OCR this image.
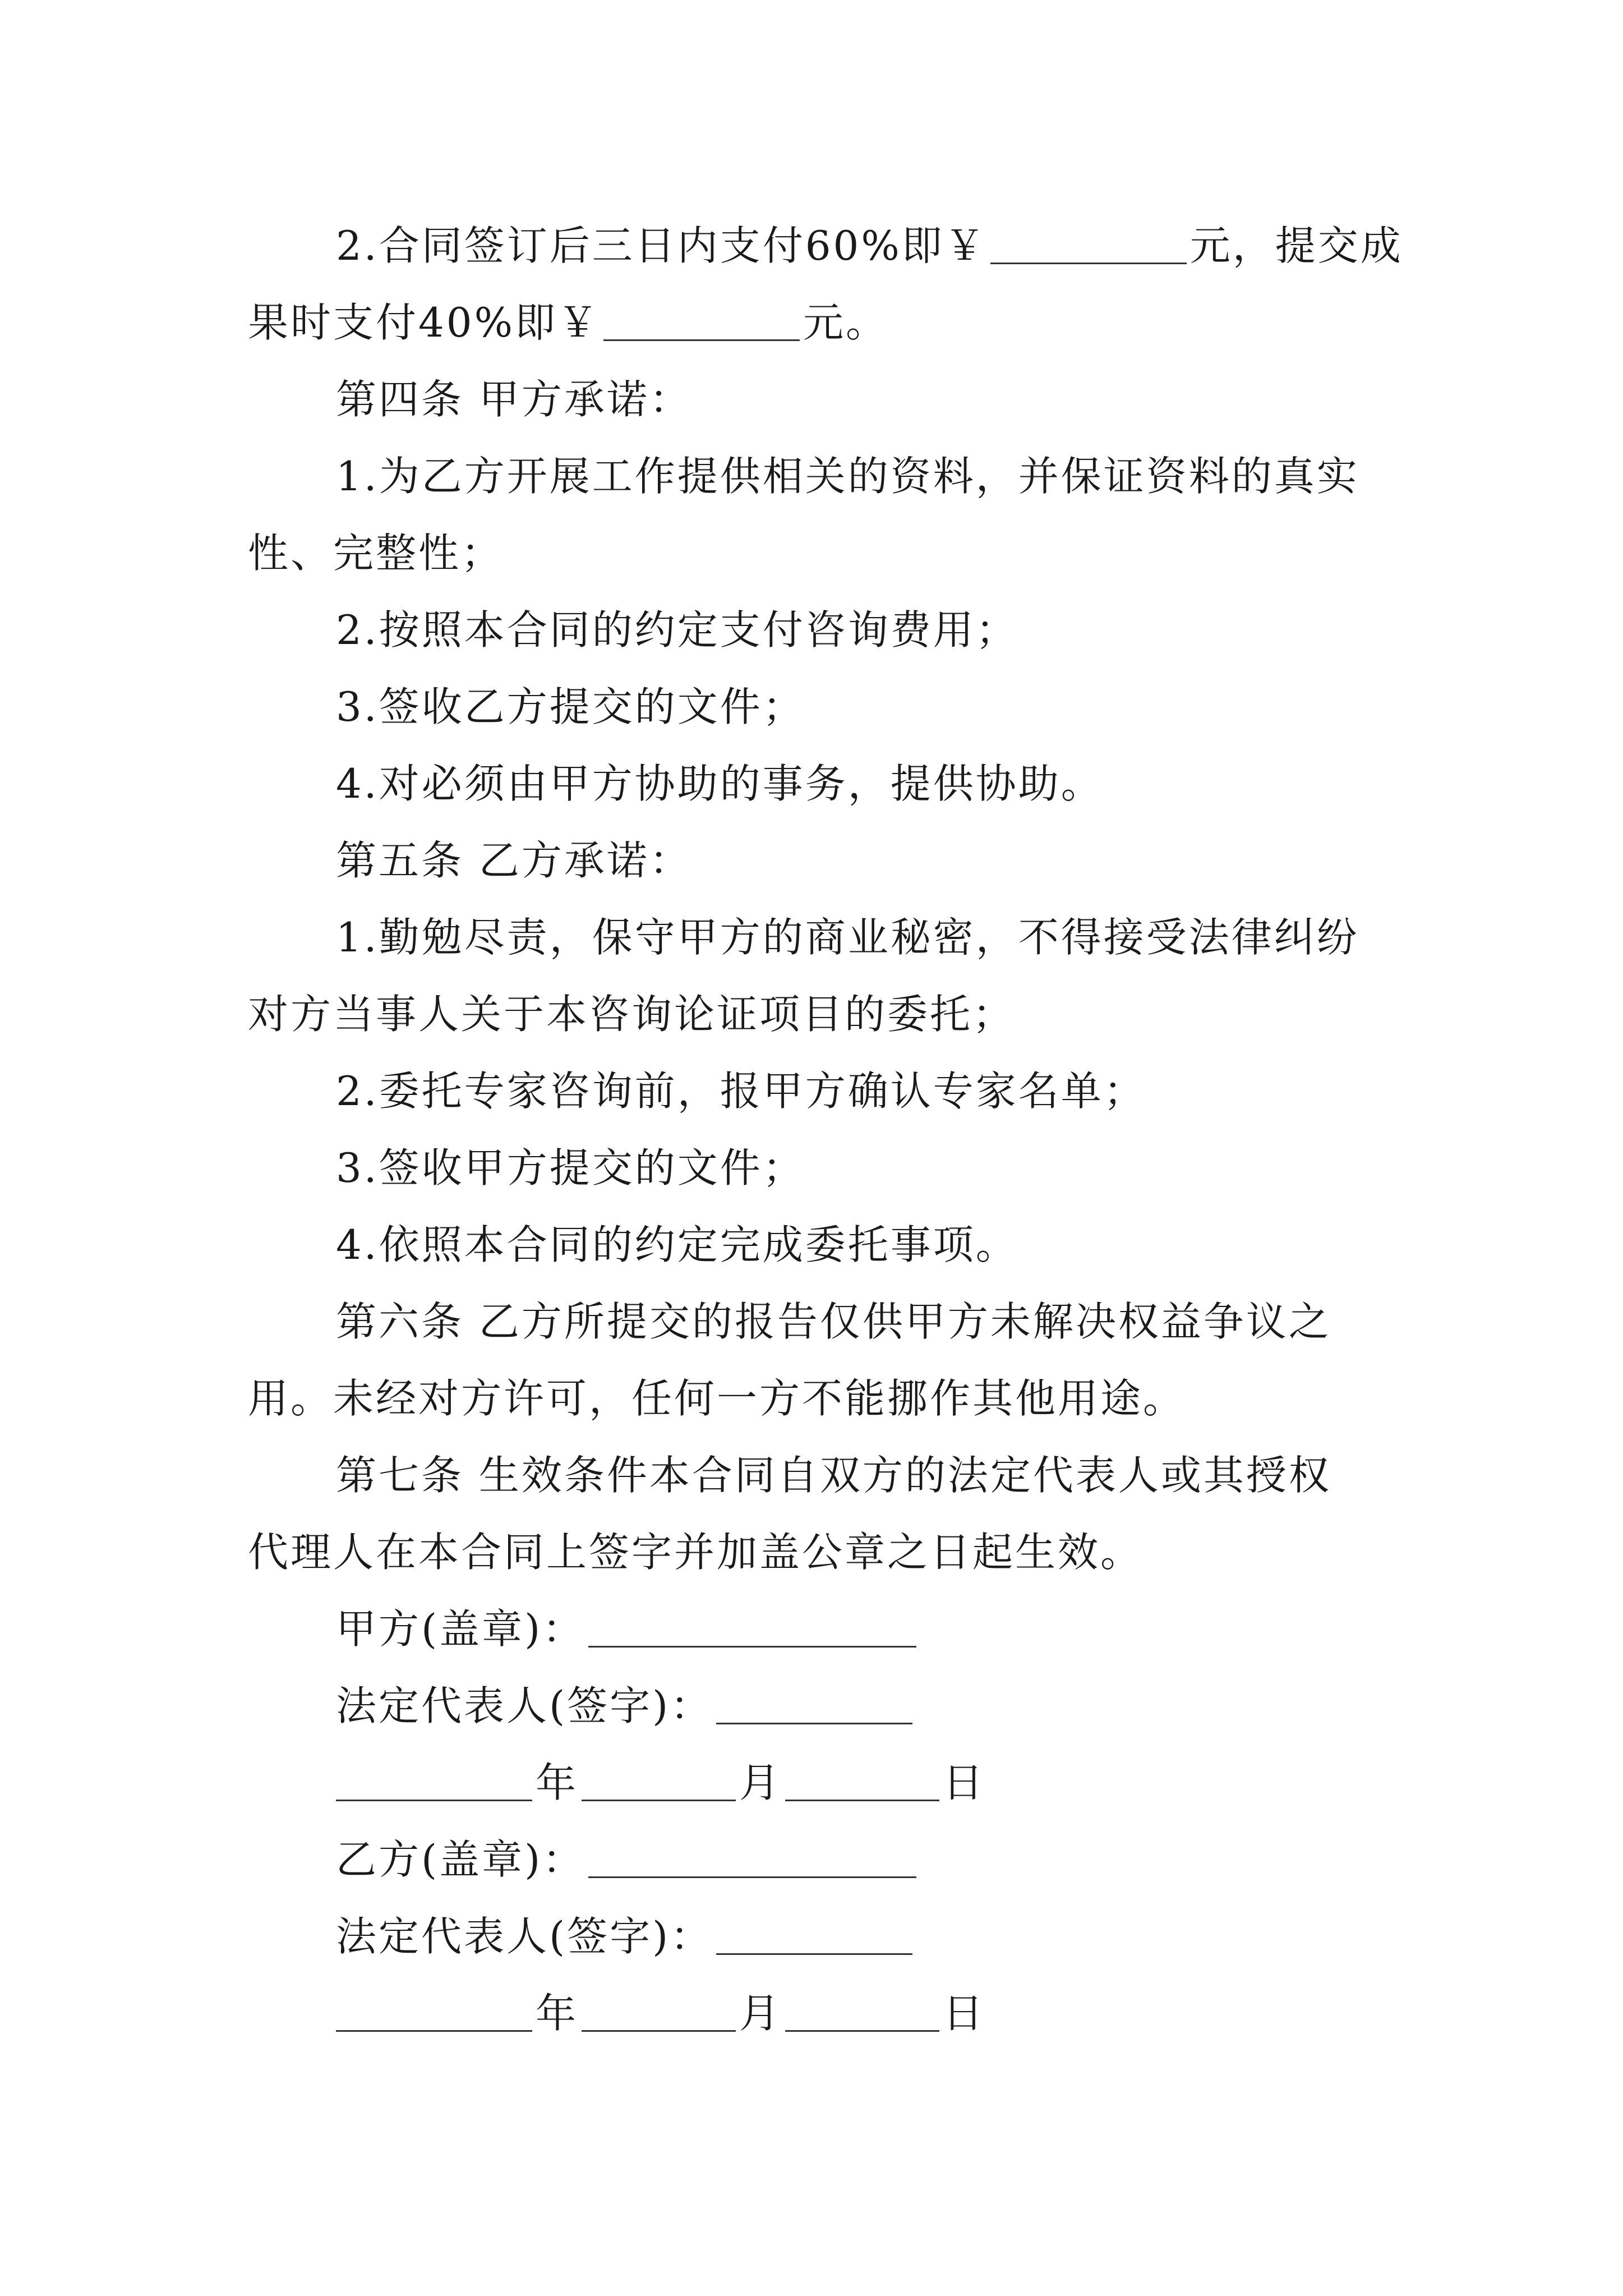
2.合同签订后三日内支付60%即￥	元，提交成
果时支付40%即￥	元。
第四条 甲方承诺：
1.为乙方开展工作提供相关的资料，并保证资料的真实
性、完整性；
2.按照本合同的约定支付咨询费用；
3.签收乙方提交的文件；
4.对必须由甲方协助的事务，提供协助。
第五条 乙方承诺：
1.勤勉尽责，保守甲方的商业秘密，不得接受法律纠纷
对方当事人关于本咨询论证项目的委托；
2.委托专家咨询前，报甲方确认专家名单；
3.签收甲方提交的文件；
4.依照本合同的约定完成委托事项。
第六条 乙方所提交的报告仅供甲方未解决权益争议之
用。未经对方许可，任何一方不能挪作其他用途。
第七条 生效条件本合同自双方的法定代表人或其授权
代理人在本合同上签字并加盖公章之日起生效。
甲方(盖章)：
法定代表人(签字)：
年	月	日
乙方(盖章)：
法定代表人(签字)：
年	月	日
